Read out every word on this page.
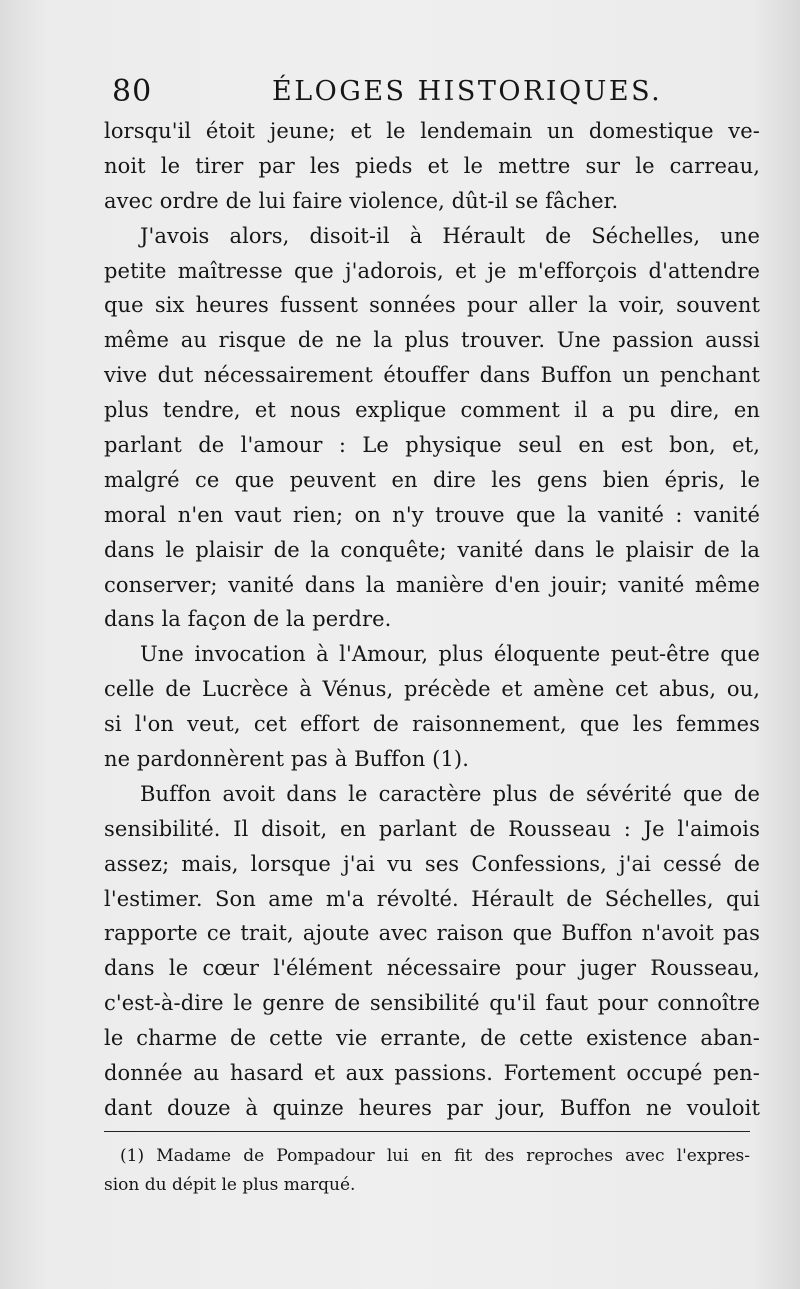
80	ÉLOGES HISTORIQUES.
lorsqu'il étoit jeune; et le lendemain un domestique ve-
noit le tirer par les pieds et le mettre sur le carreau,
avec ordre de lui faire violence, dût-il se fâcher.
J'avois alors, disoit-il à Hérault de Séchelles, une
petite maîtresse que j'adorois, et je m'efforçois d'attendre
que six heures fussent sonnées pour aller la voir, souvent
même au risque de ne la plus trouver. Une passion aussi
vive dut nécessairement étouffer dans Buffon un penchant
plus tendre, et nous explique comment il a pu dire, en
parlant de l'amour : Le physique seul en est bon, et,
malgré ce que peuvent en dire les gens bien épris, le
moral n'en vaut rien; on n'y trouve que la vanité : vanité
dans le plaisir de la conquête; vanité dans le plaisir de la
conserver; vanité dans la manière d'en jouir; vanité même
dans la façon de la perdre.
Une invocation à l'Amour, plus éloquente peut-être que
celle de Lucrèce à Vénus, précède et amène cet abus, ou,
si l'on veut, cet effort de raisonnement, que les femmes
ne pardonnèrent pas à Buffon (1).
Buffon avoit dans le caractère plus de sévérité que de
sensibilité. Il disoit, en parlant de Rousseau : Je l'aimois
assez; mais, lorsque j'ai vu ses Confessions, j'ai cessé de
l'estimer. Son ame m'a révolté. Hérault de Séchelles, qui
rapporte ce trait, ajoute avec raison que Buffon n'avoit pas
dans le cœur l'élément nécessaire pour juger Rousseau,
c'est-à-dire le genre de sensibilité qu'il faut pour connoître
le charme de cette vie errante, de cette existence aban-
donnée au hasard et aux passions. Fortement occupé pen-
dant douze à quinze heures par jour, Buffon ne vouloit
(1) Madame de Pompadour lui en fit des reproches avec l'expres-
sion du dépit le plus marqué.
